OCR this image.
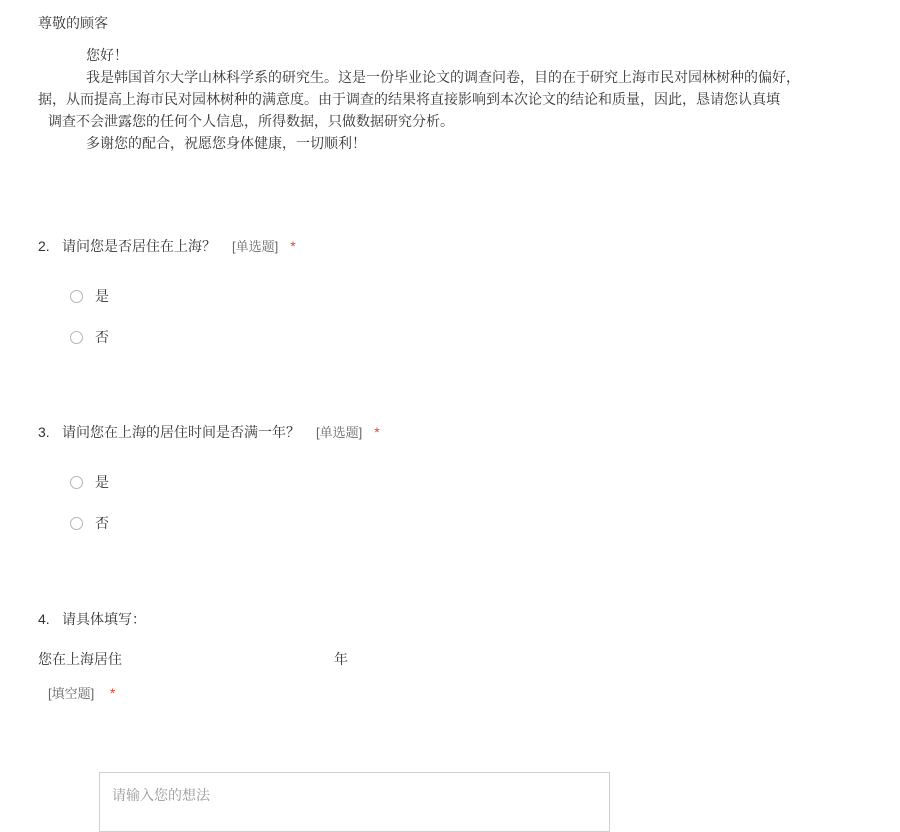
尊敬的顾客
您好！
我是韩国首尔大学山林科学系的研究生。这是一份毕业论文的调查问卷，目的在于研究上海市民对园林树种的偏好，
据，从而提高上海市民对园林树种的满意度。由于调查的结果将直接影响到本次论文的结论和质量，因此，恳请您认真填
调查不会泄露您的任何个人信息，所得数据，只做数据研究分析。
多谢您的配合，祝愿您身体健康，一切顺利！
2. 请问您是否居住在上海？ [单选题] *
是
否
3. 请问您在上海的居住时间是否满一年？ [单选题] *
是
否
4. 请具体填写：
您在上海居住	年
[填空题] *
请输入您的想法
